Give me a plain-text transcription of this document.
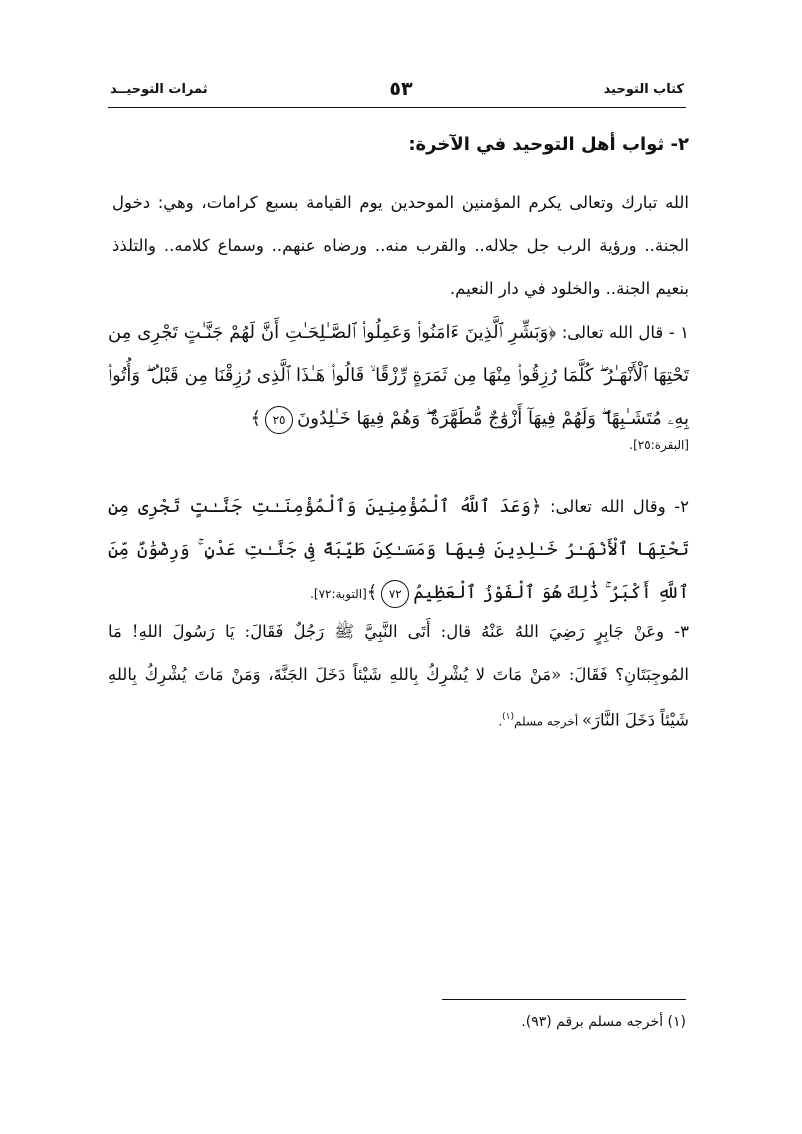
كتاب التوحيد
٥٣
ثمرات التوحيــد
٢- ثواب أهل التوحيد في الآخرة:
الله تبارك وتعالى يكرم المؤمنين الموحدين يوم القيامة بسبع كرامات، وهي: دخول الجنة.. ورؤية الرب جل جلاله.. والقرب منه.. ورضاه عنهم.. وسماع كلامه.. والتلذذ بنعيم الجنة.. والخلود في دار النعيم.
١ - قال الله تعالى: ﴿وَبَشِّرِ ٱلَّذِينَ ءَامَنُوا۟ وَعَمِلُوا۟ ٱلصَّـٰلِحَـٰتِ أَنَّ لَهُمْ جَنَّـٰتٍ تَجْرِى مِن تَحْتِهَا ٱلْأَنْهَـٰرُ ۖ كُلَّمَا رُزِقُوا۟ مِنْهَا مِن ثَمَرَةٍ رِّزْقًا ۙ قَالُوا۟ هَـٰذَا ٱلَّذِى رُزِقْنَا مِن قَبْلُ ۖ وَأُتُوا۟ بِهِۦ مُتَشَـٰبِهًا ۖ وَلَهُمْ فِيهَآ أَزْوَٰجٌ مُّطَهَّرَةٌ ۖ وَهُمْ فِيهَا خَـٰلِدُونَ٢٥﴾
[البقرة:٢٥].
٢- وقال الله تعالى: ﴿وَعَدَ ٱللَّهُ ٱلْمُؤْمِنِينَ وَٱلْمُؤْمِنَـٰتِ جَنَّـٰتٍ تَجْرِى مِن تَحْتِهَا ٱلْأَنْهَـٰرُ خَـٰلِدِينَ فِيهَا وَمَسَـٰكِنَ طَيِّبَةً فِى جَنَّـٰتِ عَدْنٍ ۚ وَرِضْوَٰنٌ مِّنَ ٱللَّهِ أَكْبَرُ ۚ ذَٰلِكَ هُوَ ٱلْفَوْزُ ٱلْعَظِيمُ٧٢﴾[التوبة:٧٢].
٣- وعَنْ جَابِرٍ رَضِيَ اللهُ عَنْهُ قال: أَتَى النَّبِيَّ ﷺ رَجُلٌ فَقَالَ: يَا رَسُولَ اللهِ! مَا المُوجِبَتَانِ؟ فَقَالَ: «مَنْ مَاتَ لا يُشْرِكُ بِاللهِ شَيْئاً دَخَلَ الجَنَّةَ، وَمَنْ مَاتَ يُشْرِكُ بِاللهِ شَيْئاً دَخَلَ النَّارَ» أخرجه مسلم$^{(١)}$.
(١) أخرجه مسلم برقم (٩٣).
